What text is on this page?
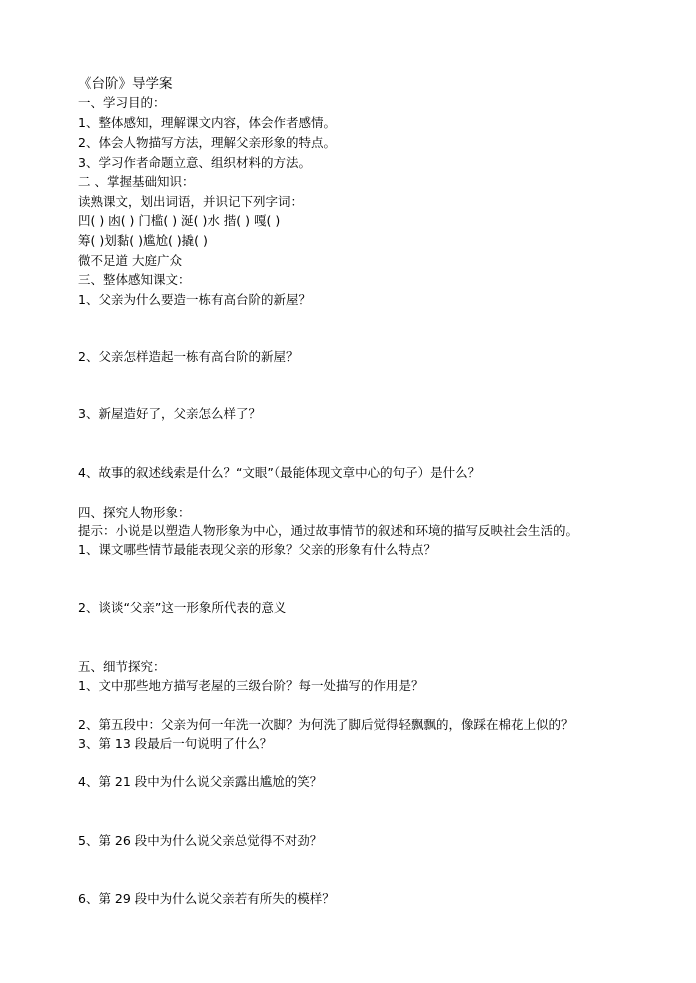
《台阶》导学案
一、学习目的：
1、整体感知，理解课文内容，体会作者感情。
2、体会人物描写方法，理解父亲形象的特点。
3、学习作者命题立意、组织材料的方法。
二 、掌握基础知识：
读熟课文，划出词语，并识记下列字词：
凹( ) 凼( ) 门槛( ) 涎( )水 揩( ) 嘎( )
筹( )划黏( )尴尬( )撬( )
微不足道 大庭广众
三、整体感知课文：
1、父亲为什么要造一栋有高台阶的新屋？
2、父亲怎样造起一栋有高台阶的新屋？
3、新屋造好了，父亲怎么样了？
4、故事的叙述线索是什么？“文眼”（最能体现文章中心的句子）是什么？
四、探究人物形象：
提示：小说是以塑造人物形象为中心，通过故事情节的叙述和环境的描写反映社会生活的。
1、课文哪些情节最能表现父亲的形象？父亲的形象有什么特点？
2、谈谈“父亲”这一形象所代表的意义
五、细节探究：
1、文中那些地方描写老屋的三级台阶？每一处描写的作用是？
2、第五段中：父亲为何一年洗一次脚？为何洗了脚后觉得轻飘飘的，像踩在棉花上似的？
3、第 13 段最后一句说明了什么？
4、第 21 段中为什么说父亲露出尴尬的笑？
5、第 26 段中为什么说父亲总觉得不对劲？
6、第 29 段中为什么说父亲若有所失的模样？
